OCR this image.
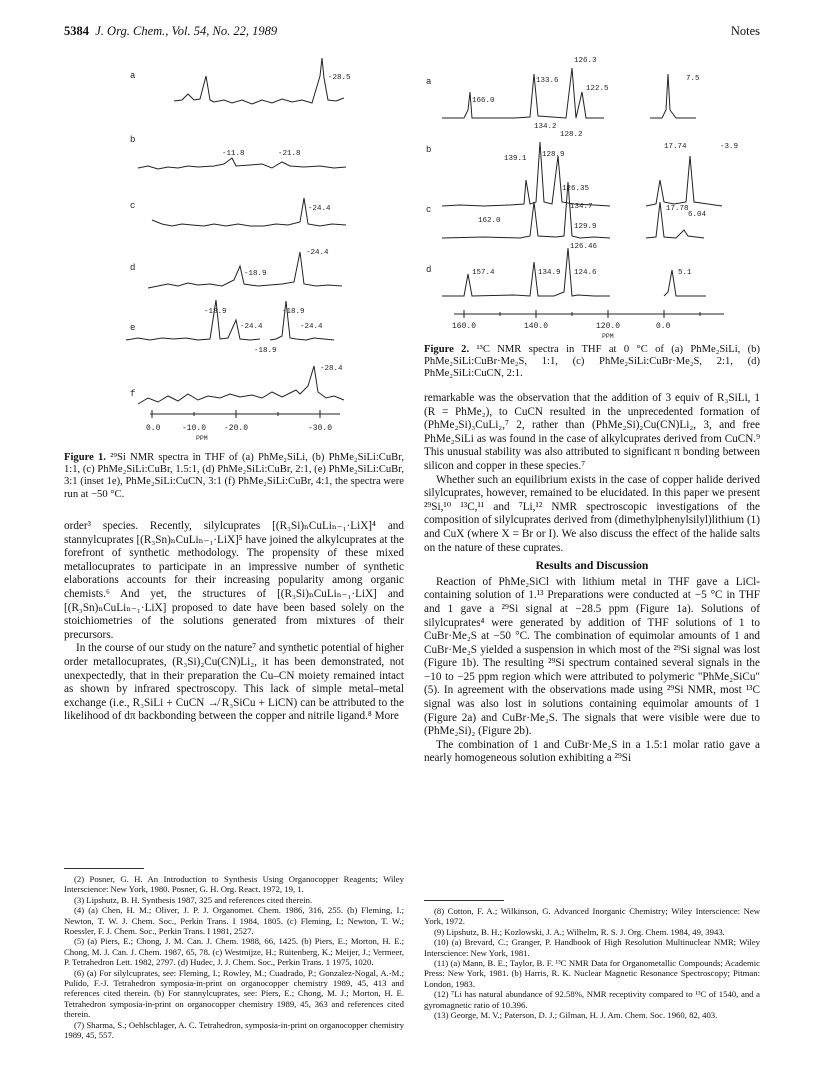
5384 J. Org. Chem., Vol. 54, No. 22, 1989	Notes
a
b
c
d
e
f
-28.5
-11.8	-21.8
-24.4
-18.9
-24.4
-18.9
-24.4
-18.9
-24.4
-18.9
-28.4
0.0	-10.0 -20.0	-30.0
PPM

Figure 1. ²⁹Si NMR spectra in THF of (a) PhMe₂SiLi, (b) PhMe₂SiLi:CuBr, 1:1, (c) PhMe₂SiLi:CuBr, 1.5:1, (d) PhMe₂SiLi:CuBr, 2:1, (e) PhMe₂SiLi:CuBr, 3:1 (inset 1e), PhMe₂SiLi:CuCN, 3:1 (f) PhMe₂SiLi:CuBr, 4:1, the spectra were run at −50 °C.

order³ species. Recently, silylcuprates [(R₃Si)ₙCuLiₙ₋₁·LiX]⁴ and stannylcuprates [(R₃Sn)ₙCuLiₙ₋₁·LiX]⁵ have joined the alkylcuprates at the forefront of synthetic methodology. The propensity of these mixed metallocuprates to participate in an impressive number of synthetic elaborations accounts for their increasing popularity among organic chemists.⁶ And yet, the structures of [(R₃Si)ₙCuLiₙ₋₁·LiX] and [(R₃Sn)ₙCuLiₙ₋₁·LiX] proposed to date have been based solely on the stoichiometries of the solutions generated from mixtures of their precursors.

In the course of our study on the nature⁷ and synthetic potential of higher order metallocuprates, (R₃Si)₂Cu(CN)Li₂, it has been demonstrated, not unexpectedly, that in their preparation the Cu–CN moiety remained intact as shown by infrared spectroscopy. This lack of simple metal–metal exchange (i.e., R₃SiLi + CuCN ↛ R₃SiCu + LiCN) can be attributed to the likelihood of dπ backbonding between the copper and nitrile ligand.⁸ More

(2) Posner, G. H. An Introduction to Synthesis Using Organocopper Reagents; Wiley Interscience: New York, 1980. Posner, G. H. Org. React. 1972, 19, 1.

(3) Lipshutz, B. H. Synthesis 1987, 325 and references cited therein.

(4) (a) Chen, H. M.; Oliver, J. P. J. Organomet. Chem. 1986, 316, 255. (b) Fleming, I.; Newton, T. W. J. Chem. Soc., Perkin Trans. I 1984, 1805. (c) Fleming, I.; Newton, T. W.; Roessler, F. J. Chem. Soc., Perkin Trans. I 1981, 2527.

(5) (a) Piers, E.; Chong, J. M. Can. J. Chem. 1988, 66, 1425. (b) Piers, E.; Morton, H. E.; Chong, M. J. Can. J. Chem. 1987, 65, 78. (c) Westmijze, H.; Ruitenberg, K.; Meijer, J.; Vermeer, P. Tetrahedron Lett. 1982, 2797. (d) Hudec, J. J. Chem. Soc., Perkin Trans. 1 1975, 1020.

(6) (a) For silylcuprates, see: Fleming, I.; Rowley, M.; Cuadrado, P.; Gonzalez-Nogal, A.-M.; Pulido, F.-J. Tetrahedron symposia-in-print on organocopper chemistry 1989, 45, 413 and references cited therein. (b) For stannylcuprates, see: Piers, E.; Chong, M. J.; Morton, H. E. Tetrahedron symposia-in-print on organocopper chemistry 1989, 45, 363 and references cited therein.

(7) Sharma, S.; Oehlschlager, A. C. Tetrahedron, symposia-in-print on organocopper chemistry 1989, 45, 557.

a
b
c
d
166.0
133.6
126.3
122.5
7.5
139.1
134.2
128.2
128.9
17.74	-3.9
162.0
134.7
126.35
129.9
17.78
6.04
157.4	134.9
126.46
124.6	5.1
160.0	140.0	120.0	0.0
PPM

Figure 2. ¹³C NMR spectra in THF at 0 °C of (a) PhMe₂SiLi, (b) PhMe₂SiLi:CuBr·Me₂S, 1:1, (c) PhMe₂SiLi:CuBr·Me₂S, 2:1, (d) PhMe₂SiLi:CuCN, 2:1.

remarkable was the observation that the addition of 3 equiv of R₃SiLi, 1 (R = PhMe₂), to CuCN resulted in the unprecedented formation of (PhMe₂Si)₃CuLi₂,⁷ 2, rather than (PhMe₂Si)₂Cu(CN)Li₂, 3, and free PhMe₂SiLi as was found in the case of alkylcuprates derived from CuCN.⁹ This unusual stability was also attributed to significant π bonding between silicon and copper in these species.⁷

Whether such an equilibrium exists in the case of copper halide derived silylcuprates, however, remained to be elucidated. In this paper we present ²⁹Si,¹⁰ ¹³C,¹¹ and ⁷Li,¹² NMR spectroscopic investigations of the composition of silylcuprates derived from (dimethylphenylsilyl)lithium (1) and CuX (where X = Br or I). We also discuss the effect of the halide salts on the nature of these cuprates.

Results and Discussion

Reaction of PhMe₂SiCl with lithium metal in THF gave a LiCl-containing solution of 1.¹³ Preparations were conducted at −5 °C in THF and 1 gave a ²⁹Si signal at −28.5 ppm (Figure 1a). Solutions of silylcuprates⁴ were generated by addition of THF solutions of 1 to CuBr·Me₂S at −50 °C. The combination of equimolar amounts of 1 and CuBr·Me₂S yielded a suspension in which most of the ²⁹Si signal was lost (Figure 1b). The resulting ²⁹Si spectrum contained several signals in the −10 to −25 ppm region which were attributed to polymeric "PhMe₂SiCu" (5). In agreement with the observations made using ²⁹Si NMR, most ¹³C signal was also lost in solutions containing equimolar amounts of 1 (Figure 2a) and CuBr·Me₂S. The signals that were visible were due to (PhMe₂Si)₂ (Figure 2b).

The combination of 1 and CuBr·Me₂S in a 1.5:1 molar ratio gave a nearly homogeneous solution exhibiting a ²⁹Si

(8) Cotton, F. A.; Wilkinson, G. Advanced Inorganic Chemistry; Wiley Interscience: New York, 1972.

(9) Lipshutz, B. H.; Kozlowski, J. A.; Wilhelm, R. S. J. Org. Chem. 1984, 49, 3943.

(10) (a) Brevard, C.; Granger, P. Handbook of High Resolution Multinuclear NMR; Wiley Interscience: New York, 1981.

(11) (a) Mann, B. E.; Taylor, B. F. ¹³C NMR Data for Organometallic Compounds; Academic Press: New York, 1981. (b) Harris, R. K. Nuclear Magnetic Resonance Spectroscopy; Pitman: London, 1983.

(12) ⁷Li has natural abundance of 92.58%, NMR receptivity compared to ¹³C of 1540, and a gyromagnetic ratio of 10.396.

(13) George, M. V.; Paterson, D. J.; Gilman, H. J. Am. Chem. Soc. 1960, 82, 403.
